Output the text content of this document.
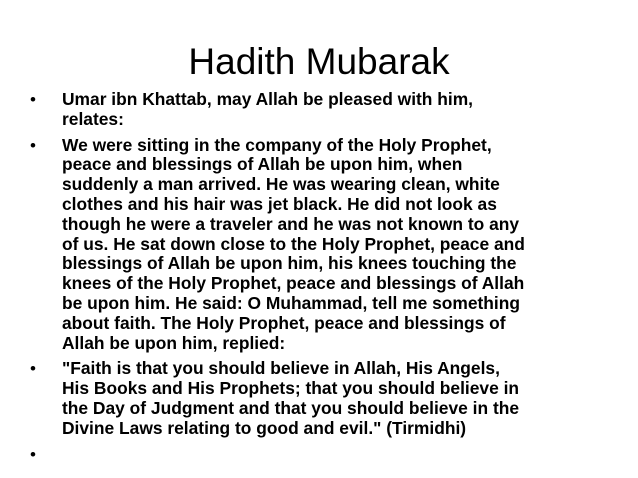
Hadith Mubarak
• Umar ibn Khattab, may Allah be pleased with him,
relates:
• We were sitting in the company of the Holy Prophet,
peace and blessings of Allah be upon him, when
suddenly a man arrived. He was wearing clean, white
clothes and his hair was jet black. He did not look as
though he were a traveler and he was not known to any
of us. He sat down close to the Holy Prophet, peace and
blessings of Allah be upon him, his knees touching the
knees of the Holy Prophet, peace and blessings of Allah
be upon him. He said: O Muhammad, tell me something
about faith. The Holy Prophet, peace and blessings of
Allah be upon him, replied:
• "Faith is that you should believe in Allah, His Angels,
His Books and His Prophets; that you should believe in
the Day of Judgment and that you should believe in the
Divine Laws relating to good and evil." (Tirmidhi)
•
